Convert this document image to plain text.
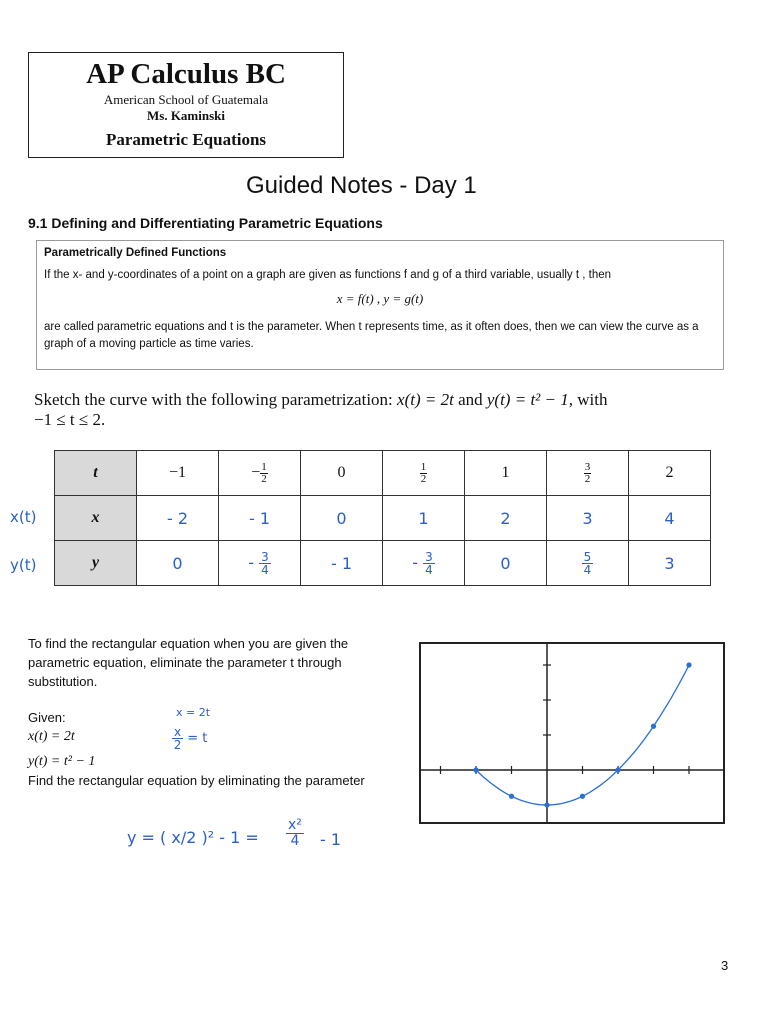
AP Calculus BC
American School of Guatemala
Ms. Kaminski
Parametric Equations
Guided Notes - Day 1
9.1 Defining and Differentiating Parametric Equations
Parametrically Defined Functions
If the x- and y-coordinates of a point on a graph are given as functions f and g of a third variable, usually t , then
x = f(t) , y = g(t)
are called parametric equations and t is the parameter. When t represents time, as it often does, then we can view the curve as a graph of a moving particle as time varies.
Sketch the curve with the following parametrization: x(t) = 2t and y(t) = t² − 1, with
−1 ≤ t ≤ 2.
x(t)
y(t)
t	−1	− $\frac{1}{2}$	0	$\frac{1}{2}$	1	$\frac{3}{2}$	2
x	- 2	- 1	0	1	2	3	4
y	0	- $\frac{3}{4}$	- 1	- $\frac{3}{4}$	0	$\frac{5}{4}$	3
To find the rectangular equation when you are given the parametric equation, eliminate the parameter t through substitution.
Given:
x(t) = 2t
y(t) = t² − 1
Find the rectangular equation by eliminating the parameter
x = 2t
$\frac{x}{2} = t$
y = ( x/2 )$^2 - 1 = \frac{\text{x²}}{4} - 1$
3
